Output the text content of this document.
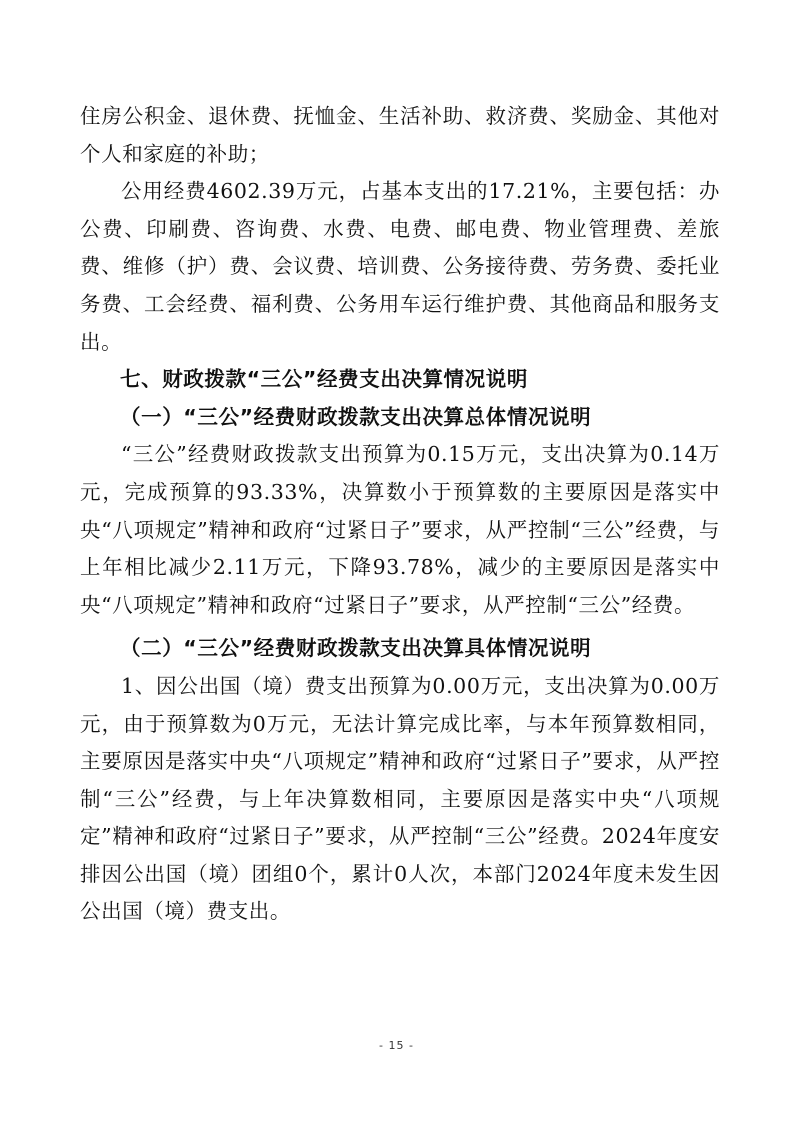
住房公积金、退休费、抚恤金、生活补助、救济费、奖励金、其他对个人和家庭的补助；

公用经费4602.39万元，占基本支出的17.21%，主要包括：办公费、印刷费、咨询费、水费、电费、邮电费、物业管理费、差旅费、维修（护）费、会议费、培训费、公务接待费、劳务费、委托业务费、工会经费、福利费、公务用车运行维护费、其他商品和服务支出。

七、财政拨款“三公”经费支出决算情况说明

（一）“三公”经费财政拨款支出决算总体情况说明

“三公”经费财政拨款支出预算为0.15万元，支出决算为0.14万元，完成预算的93.33%，决算数小于预算数的主要原因是落实中央“八项规定”精神和政府“过紧日子”要求，从严控制“三公”经费，与上年相比减少2.11万元，下降93.78%，减少的主要原因是落实中央“八项规定”精神和政府“过紧日子”要求，从严控制“三公”经费。

（二）“三公”经费财政拨款支出决算具体情况说明

1、因公出国（境）费支出预算为0.00万元，支出决算为0.00万元，由于预算数为0万元，无法计算完成比率，与本年预算数相同，主要原因是落实中央“八项规定”精神和政府“过紧日子”要求，从严控制“三公”经费，与上年决算数相同，主要原因是落实中央“八项规定”精神和政府“过紧日子”要求，从严控制“三公”经费。2024年度安排因公出国（境）团组0个，累计0人次，本部门2024年度未发生因公出国（境）费支出。

- 15 -
